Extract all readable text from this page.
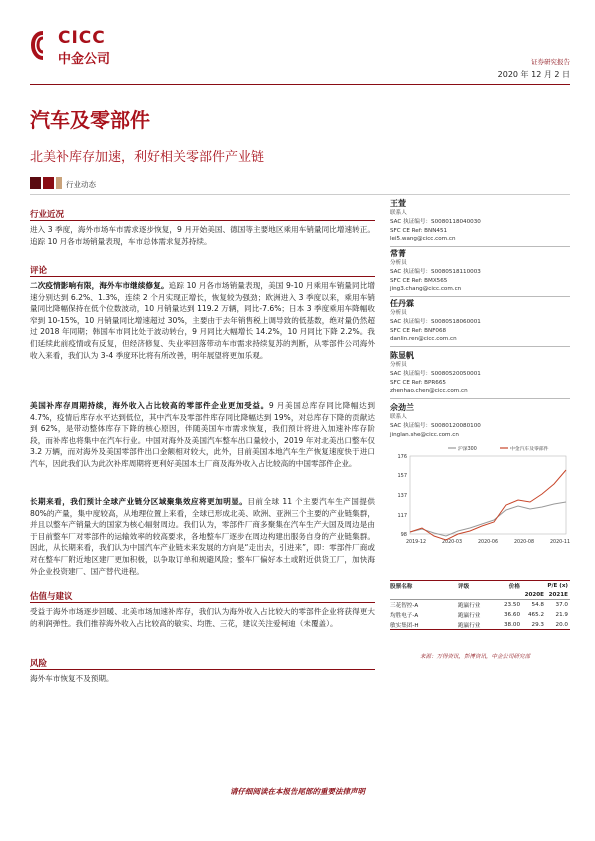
CICC
中金公司	证券研究报告
2020 年 12 月 2 日
汽车及零部件
北美补库存加速，利好相关零部件产业链
行业动态
行业近况
进入 3 季度，海外市场车市需求逐步恢复，9 月开始美国、德国等主要地区乘用车销量同比增速转正。追踪 10 月各市场销量表现，车市总体需求复苏持续。
评论
二次疫情影响有限，海外车市继续修复。追踪 10 月各市场销量表现，美国 9-10 月乘用车销量同比增速分别达到 6.2%、1.3%，连续 2 个月实现正增长，恢复较为强劲；欧洲进入 3 季度以来，乘用车销量同比降幅保持在低个位数波动，10 月销量达到 119.2 万辆，同比-7.6%；日本 3 季度乘用车降幅收窄到 10-15%，10 月销量同比增速超过 30%，主要由于去年销售税上调导致的低基数，绝对量仍然超过 2018 年同期；韩国车市同比处于波动转台，9 月同比大幅增长 14.2%，10 月同比下降 2.2%。我们延续此前疫情或有反复，但经济修复、失业率回落带动车市需求持续复苏的判断，从零部件公司海外收入来看，我们认为 3-4 季度环比将有所改善，明年展望将更加乐观。
美国补库存周期持续，海外收入占比较高的零部件企业更加受益。9 月美国总库存同比降幅达到 4.7%，疫情后库存水平达到低位，其中汽车及零部件库存同比降幅达到 19%，对总库存下降的贡献达到 62%，是带动整体库存下降的核心原因，伴随美国车市需求恢复，我们预计将进入加速补库存阶段，而补库也将集中在汽车行业。中国对海外及美国汽车整车出口量较小，2019 年对北美出口整车仅 3.2 万辆，而对海外及美国零部件出口金额相对较大，此外，目前美国本地汽车生产恢复速度快于进口汽车，因此我们认为此次补库周期将更利好美国本土厂商及海外收入占比较高的中国零部件企业。
长期来看，我们预计全球产业链分区域聚集效应将更加明显。目前全球 11 个主要汽车生产国提供 80%的产量，集中度较高，从地理位置上来看，全球已形成北美、欧洲、亚洲三个主要的产业链集群，并且以整车产销量大的国家为核心辐射周边。我们认为，零部件厂商多聚集在汽车生产大国及周边是由于目前整车厂对零部件的运输效率的较高要求，各地整车厂逐步在周边构建出服务自身的产业链集群。因此，从长期来看，我们认为中国汽车产业链未来发展的方向是“走出去，引进来”，即：零部件厂商或对在整车厂附近地区建厂更加积极，以争取订单和规避风险；整车厂偏好本土或附近供货工厂，加快海外企业投资建厂、国产替代进程。
估值与建议
受益于海外市场逐步回暖、北美市场加速补库存，我们认为海外收入占比较大的零部件企业将获得更大的利润弹性。我们推荐海外收入占比较高的敏实、均胜、三花，建议关注爱柯迪（未覆盖）。
风险
海外车市恢复不及预期。
王萱
联系人
SAC 执证编号：S0080118040030
SFC CE Ref: BNN451
lei5.wang@cicc.com.cn
常菁
分析员
SAC 执证编号：S0080518110003
SFC CE Ref: BMX565
jing3.chang@cicc.com.cn
任丹霖
分析员
SAC 执证编号：S0080518060001
SFC CE Ref: BNF068
danlin.ren@cicc.com.cn
陈显帆
分析员
SAC 执证编号：S0080520050001
SFC CE Ref: BPR665
zhenhao.chen@cicc.com.cn
佘劲兰
联系人
SAC 执证编号：S0080120080100
jinglan.she@cicc.com.cn
98
117
137
157
176
2019-12	2020-03	2020-06	2020-08	2020-11
沪深300	中金汽车及零部件
股票名称	评级	价格	P/E (x)
2020E 2021E
三花智控-A	跑赢行业	23.50	54.8	37.0
均胜电子-A	跑赢行业	36.60	465.2	21.9
敏实集团-H	跑赢行业	38.00	29.3	20.0
来源：万得资讯，彭博资讯，中金公司研究部
请仔细阅读在本报告尾部的重要法律声明
